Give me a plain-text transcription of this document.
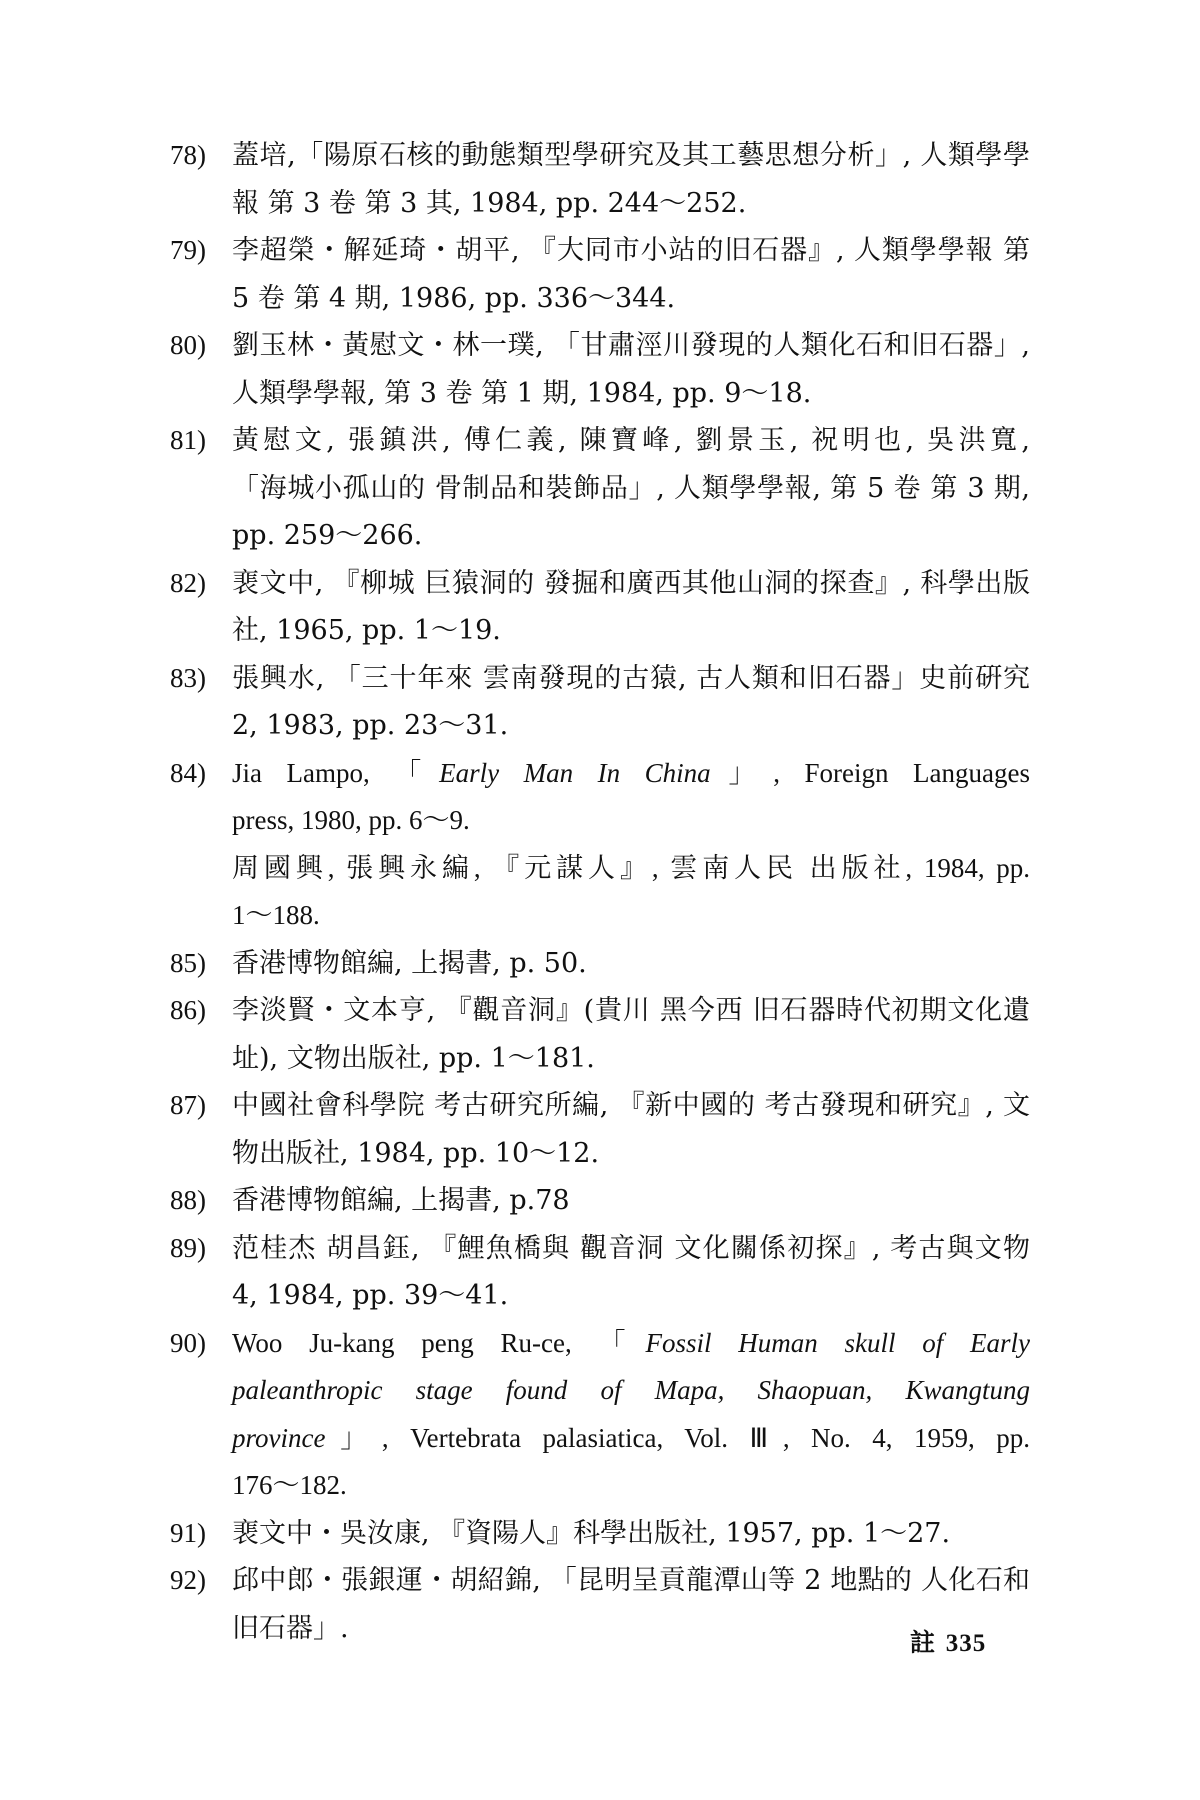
78) 蓋培,「陽原石核的動態類型學研究及其工藝思想分析」, 人類學學
報 第 3 卷 第 3 其, 1984, pp. 244～252.
79) 李超榮・解延琦・胡平, 『大同市小站的旧石器』, 人類學學報 第
5 卷 第 4 期, 1986, pp. 336～344.
80) 劉玉林・黃慰文・林一璞, 「甘肅涇川發現的人類化石和旧石器」,
人類學學報, 第 3 卷 第 1 期, 1984, pp. 9～18.
81) 黃慰文, 張鎮洪, 傅仁義, 陳寶峰, 劉景玉, 祝明也, 吳洪寬,
「海城小孤山的 骨制品和裝飾品」, 人類學學報, 第 5 卷 第 3 期,
pp. 259～266.
82) 裵文中, 『柳城 巨猿洞的 發掘和廣西其他山洞的探查』, 科學出版
社, 1965, pp. 1～19.
83) 張興水, 「三十年來 雲南發現的古猿, 古人類和旧石器」史前硏究
2, 1983, pp. 23～31.
84) Jia Lampo, 「Early Man In China」, Foreign Languages
press, 1980, pp. 6～9.
周國興, 張興永編, 『元謀人』, 雲南人民 出版社, 1984, pp.
1～188.
85) 香港博物館編, 上揭書, p. 50.
86) 李淡賢・文本亨, 『觀音洞』(貴川 黑今西 旧石器時代初期文化遺
址), 文物出版社, pp. 1～181.
87) 中國社會科學院 考古研究所編, 『新中國的 考古發現和硏究』, 文
物出版社, 1984, pp. 10～12.
88) 香港博物館編, 上揭書, p.78
89) 范桂杰 胡昌鈺, 『鯉魚橋與 觀音洞 文化關係初探』, 考古與文物
4, 1984, pp. 39～41.
90) Woo Ju-kang peng Ru-ce, 「Fossil Human skull of Early
paleanthropic stage found of Mapa, Shaopuan, Kwangtung
province」, Vertebrata palasiatica, Vol. Ⅲ, No. 4, 1959, pp.
176～182.
91) 裵文中・吳汝康, 『資陽人』科學出版社, 1957, pp. 1～27.
92) 邱中郎・張銀運・胡紹錦, 「昆明呈貢龍潭山等 2 地點的 人化石和
旧石器」.	註 335
